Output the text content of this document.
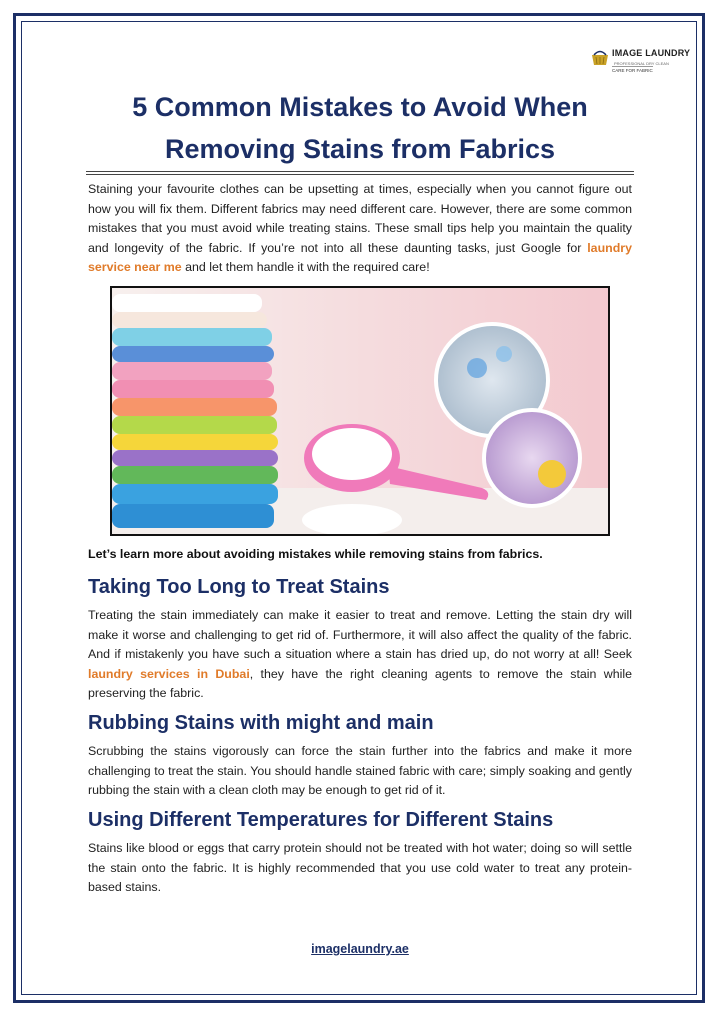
IMAGE LAUNDRY
PROFESSIONAL DRY CLEAN
CARE FOR FABRIC
5 Common Mistakes to Avoid When
Removing Stains from Fabrics
Staining your favourite clothes can be upsetting at times, especially when you cannot figure out how you will fix them. Different fabrics may need different care. However, there are some common mistakes that you must avoid while treating stains. These small tips help you maintain the quality and longevity of the fabric. If you’re not into all these daunting tasks, just Google for laundry service near me and let them handle it with the required care!
Let’s learn more about avoiding mistakes while removing stains from fabrics.
Taking Too Long to Treat Stains
Treating the stain immediately can make it easier to treat and remove. Letting the stain dry will make it worse and challenging to get rid of. Furthermore, it will also affect the quality of the fabric. And if mistakenly you have such a situation where a stain has dried up, do not worry at all! Seek laundry services in Dubai, they have the right cleaning agents to remove the stain while preserving the fabric.
Rubbing Stains with might and main
Scrubbing the stains vigorously can force the stain further into the fabrics and make it more challenging to treat the stain. You should handle stained fabric with care; simply soaking and gently rubbing the stain with a clean cloth may be enough to get rid of it.
Using Different Temperatures for Different Stains
Stains like blood or eggs that carry protein should not be treated with hot water; doing so will settle the stain onto the fabric. It is highly recommended that you use cold water to treat any protein-based stains.
imagelaundry.ae
